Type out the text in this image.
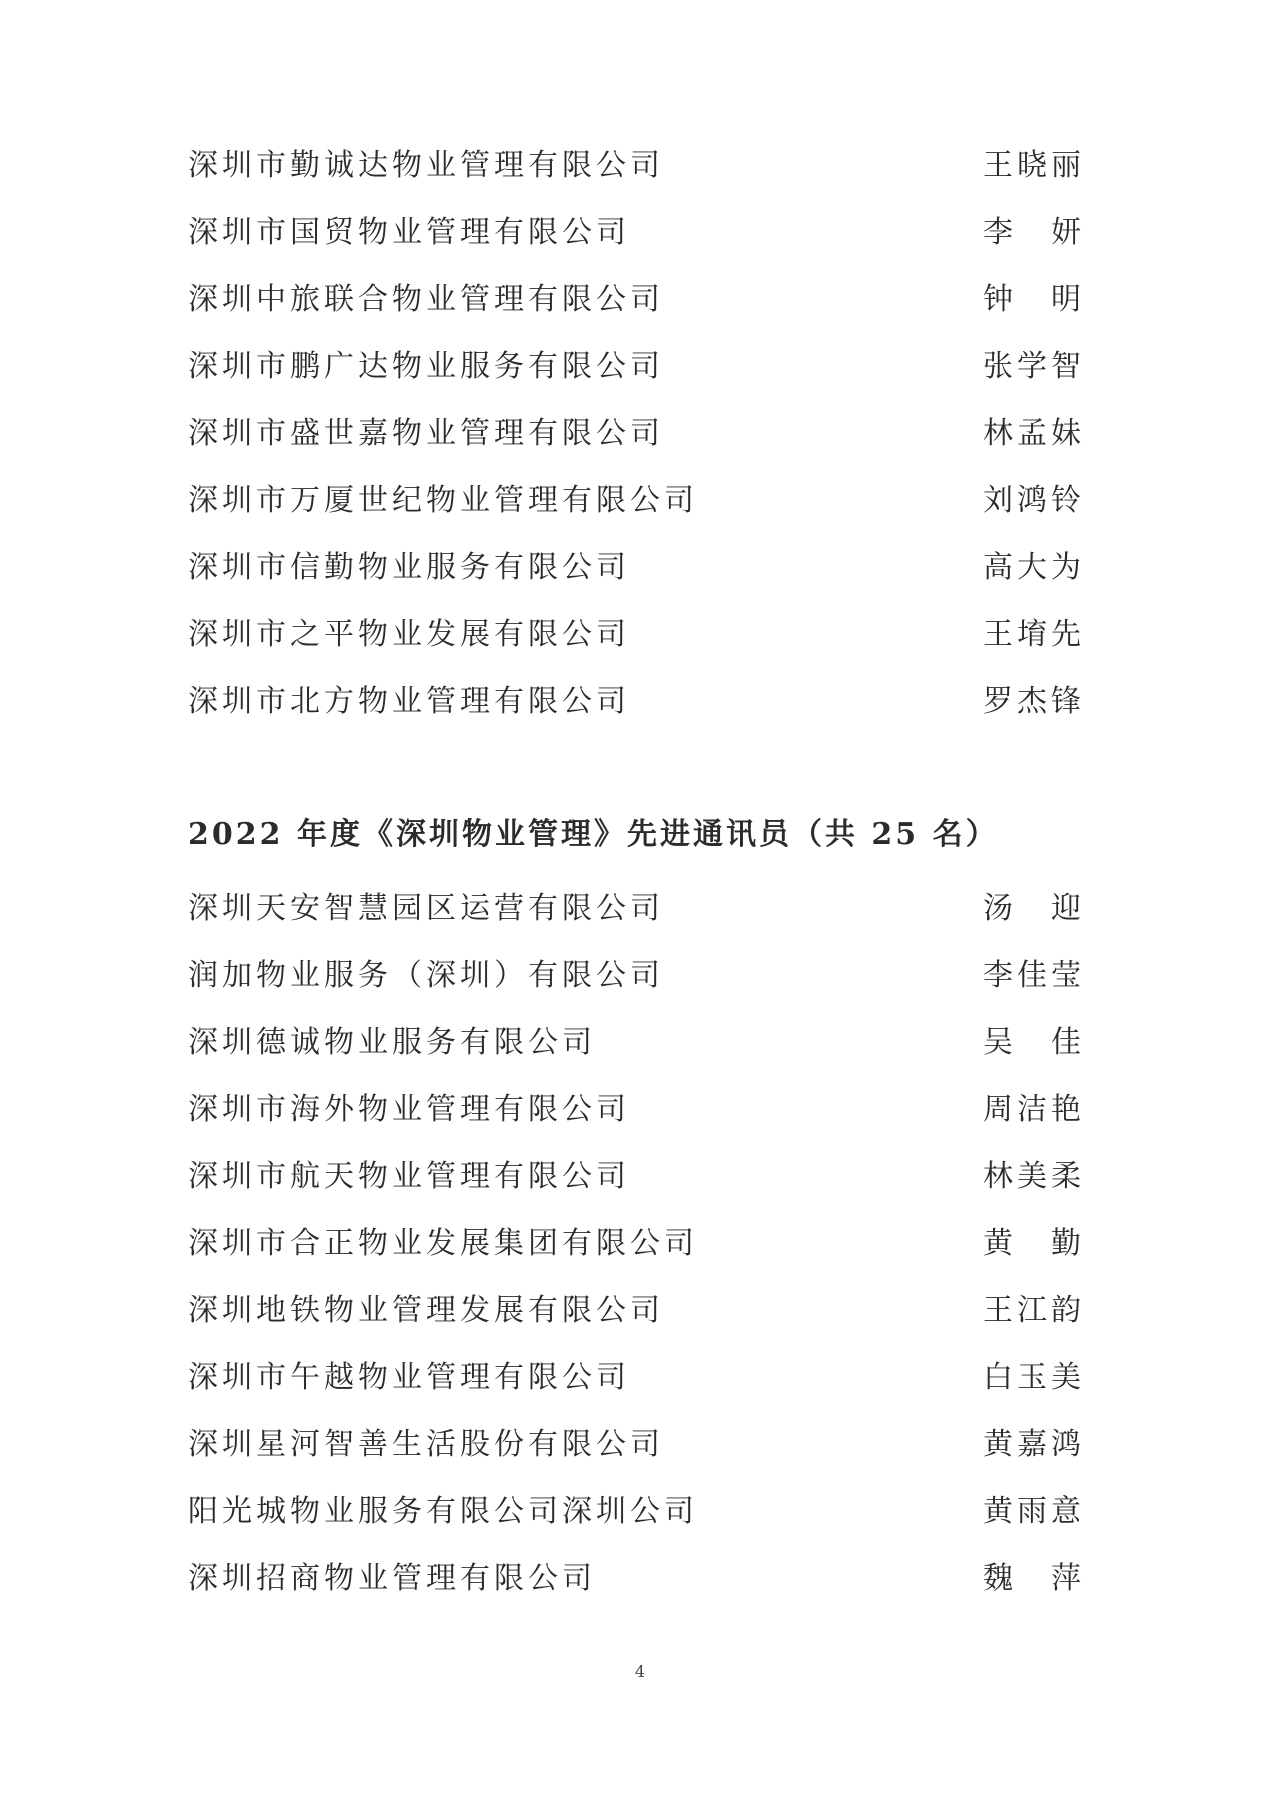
深圳市勤诚达物业管理有限公司	王晓丽
深圳市国贸物业管理有限公司	李　妍
深圳中旅联合物业管理有限公司	钟　明
深圳市鹏广达物业服务有限公司	张学智
深圳市盛世嘉物业管理有限公司	林孟妹
深圳市万厦世纪物业管理有限公司	刘鸿铃
深圳市信勤物业服务有限公司	高大为
深圳市之平物业发展有限公司	王堉先
深圳市北方物业管理有限公司	罗杰锋
2022 年度《深圳物业管理》先进通讯员（共 25 名）
深圳天安智慧园区运营有限公司	汤　迎
润加物业服务（深圳）有限公司	李佳莹
深圳德诚物业服务有限公司	吴　佳
深圳市海外物业管理有限公司	周洁艳
深圳市航天物业管理有限公司	林美柔
深圳市合正物业发展集团有限公司	黄　勤
深圳地铁物业管理发展有限公司	王江韵
深圳市午越物业管理有限公司	白玉美
深圳星河智善生活股份有限公司	黄嘉鸿
阳光城物业服务有限公司深圳公司	黄雨意
深圳招商物业管理有限公司	魏　萍
4
